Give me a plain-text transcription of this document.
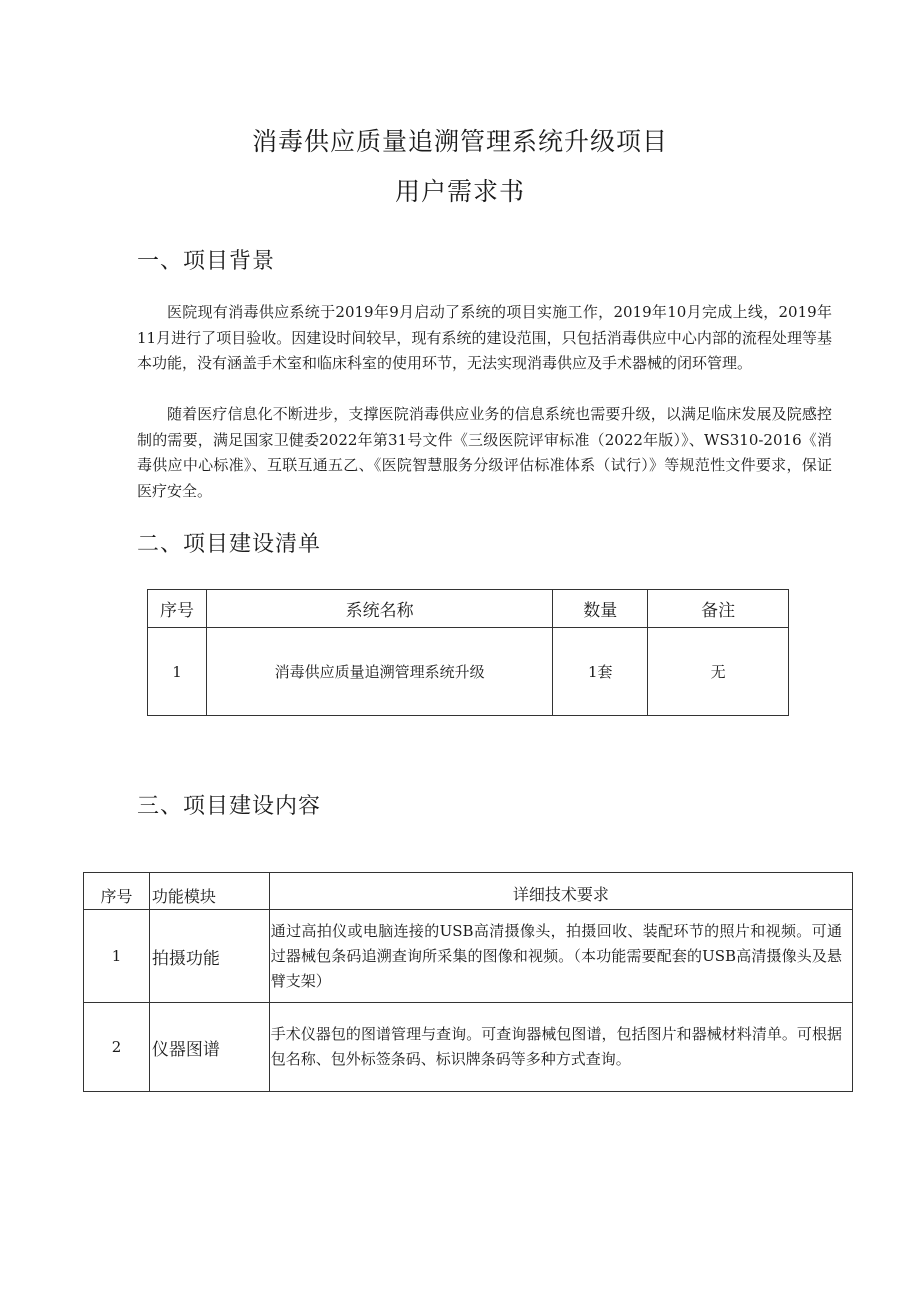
消毒供应质量追溯管理系统升级项目
用户需求书
一、项目背景
医院现有消毒供应系统于2019年9月启动了系统的项目实施工作，2019年10月完成上线，2019年11月进行了项目验收。因建设时间较早，现有系统的建设范围，只包括消毒供应中心内部的流程处理等基本功能，没有涵盖手术室和临床科室的使用环节，无法实现消毒供应及手术器械的闭环管理。
随着医疗信息化不断进步，支撑医院消毒供应业务的信息系统也需要升级，以满足临床发展及院感控制的需要，满足国家卫健委2022年第31号文件《三级医院评审标准（2022年版）》、WS310-2016《消毒供应中心标准》、互联互通五乙、《医院智慧服务分级评估标准体系（试行）》等规范性文件要求，保证医疗安全。
二、项目建设清单
序号	系统名称	数量	备注
1	消毒供应质量追溯管理系统升级	1套	无
三、项目建设内容
序号	功能模块	详细技术要求
1	拍摄功能	通过高拍仪或电脑连接的USB高清摄像头，拍摄回收、装配环节的照片和视频。可通过器械包条码追溯查询所采集的图像和视频。（本功能需要配套的USB高清摄像头及悬臂支架）
2	仪器图谱	手术仪器包的图谱管理与查询。可查询器械包图谱，包括图片和器械材料清单。可根据包名称、包外标签条码、标识牌条码等多种方式查询。
